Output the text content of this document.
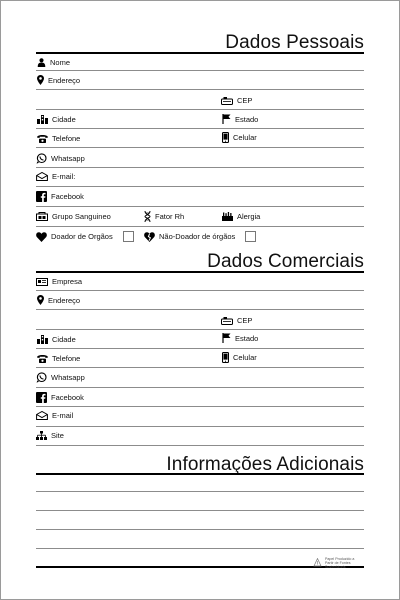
Dados Pessoais
Nome
Endereço
CEP
Cidade	Estado
Telefone	Celular
Whatsapp
E-mail:
Facebook
Grupo Sanguineo	Fator Rh	Alergia
Doador de Orgãos	Não-Doador de órgãos
Dados Comerciais
Empresa
Endereço
CEP
Cidade	Estado
Telefone	Celular
Whatsapp
Facebook
E-mail
Site
Informações Adicionais
Papel Produzido a Partir de Fontes Sustentáveis
